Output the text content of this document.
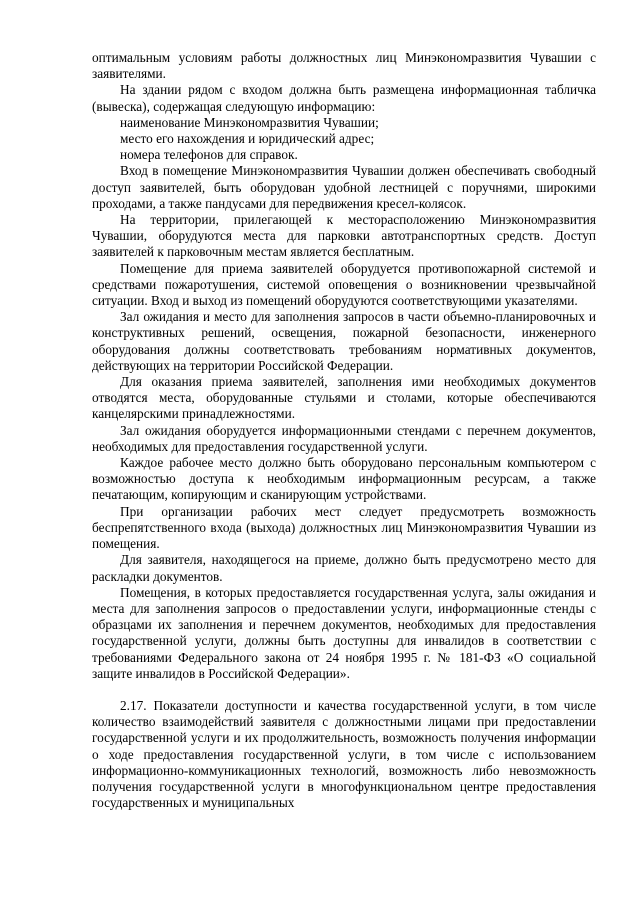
оптимальным условиям работы должностных лиц Минэкономразвития Чувашии с заявителями.

На здании рядом с входом должна быть размещена информационная табличка (вывеска), содержащая следующую информацию:

наименование Минэкономразвития Чувашии;

место его нахождения и юридический адрес;

номера телефонов для справок.

Вход в помещение Минэкономразвития Чувашии должен обеспечивать свободный доступ заявителей, быть оборудован удобной лестницей с поручнями, широкими проходами, а также пандусами для передвижения кресел-колясок.

На территории, прилегающей к месторасположению Минэкономразвития Чувашии, оборудуются места для парковки автотранспортных средств. Доступ заявителей к парковочным местам является бесплатным.

Помещение для приема заявителей оборудуется противопожарной системой и средствами пожаротушения, системой оповещения о возникновении чрезвычайной ситуации. Вход и выход из помещений оборудуются соответствующими указателями.

Зал ожидания и место для заполнения запросов в части объемно-планировочных и конструктивных решений, освещения, пожарной безопасности, инженерного оборудования должны соответствовать требованиям нормативных документов, действующих на территории Российской Федерации.

Для оказания приема заявителей, заполнения ими необходимых документов отводятся места, оборудованные стульями и столами, которые обеспечиваются канцелярскими принадлежностями.

Зал ожидания оборудуется информационными стендами с перечнем документов, необходимых для предоставления государственной услуги.

Каждое рабочее место должно быть оборудовано персональным компьютером с возможностью доступа к необходимым информационным ресурсам, а также печатающим, копирующим и сканирующим устройствами.

При организации рабочих мест следует предусмотреть возможность беспрепятственного входа (выхода) должностных лиц Минэкономразвития Чувашии из помещения.

Для заявителя, находящегося на приеме, должно быть предусмотрено место для раскладки документов.

Помещения, в которых предоставляется государственная услуга, залы ожидания и места для заполнения запросов о предоставлении услуги, информационные стенды с образцами их заполнения и перечнем документов, необходимых для предоставления государственной услуги, должны быть доступны для инвалидов в соответствии с требованиями Федерального закона от 24 ноября 1995 г. № 181-ФЗ «О социальной защите инвалидов в Российской Федерации».

2.17. Показатели доступности и качества государственной услуги, в том числе количество взаимодействий заявителя с должностными лицами при предоставлении государственной услуги и их продолжительность, возможность получения информации о ходе предоставления государственной услуги, в том числе с использованием информационно-коммуникационных технологий, возможность либо невозможность получения государственной услуги в многофункциональном центре предоставления государственных и муниципальных
